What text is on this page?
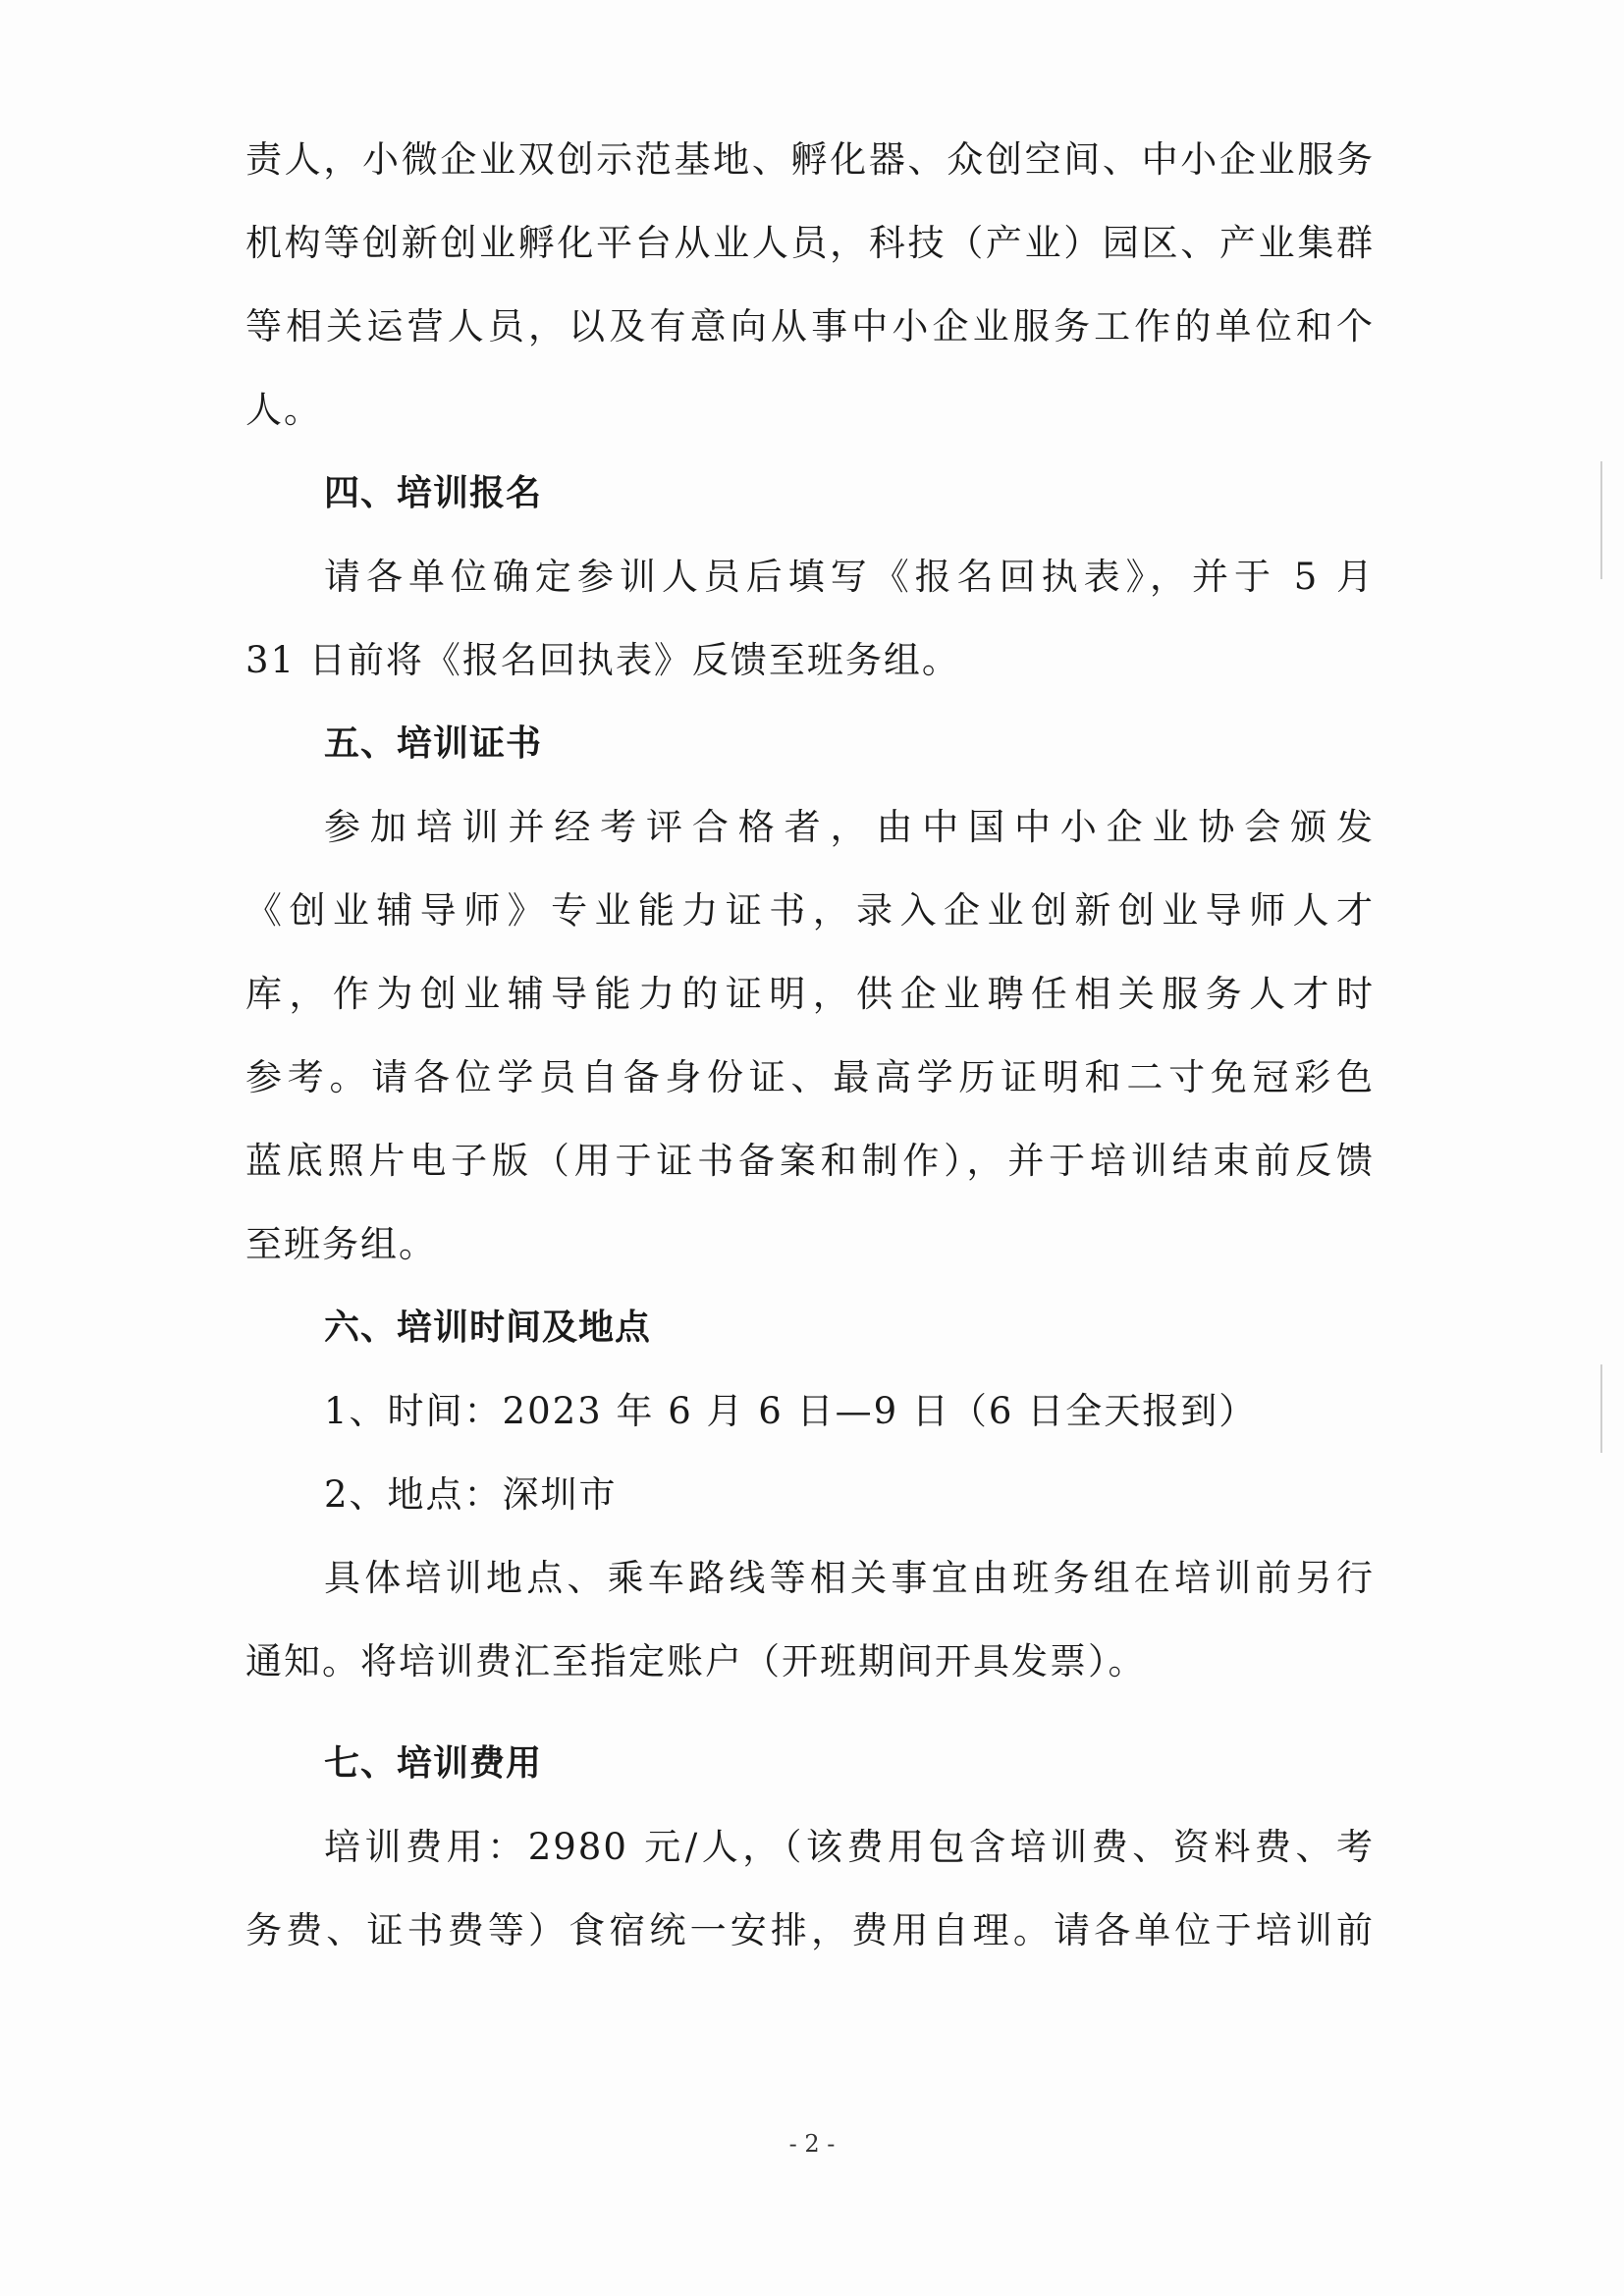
责人，小微企业双创示范基地、孵化器、众创空间、中小企业服务
机构等创新创业孵化平台从业人员，科技（产业）园区、产业集群
等相关运营人员，以及有意向从事中小企业服务工作的单位和个
人。
四、培训报名
请各单位确定参训人员后填写《报名回执表》，并于 5 月
31 日前将《报名回执表》反馈至班务组。
五、培训证书
参加培训并经考评合格者，由中国中小企业协会颁发
《创业辅导师》专业能力证书，录入企业创新创业导师人才
库，作为创业辅导能力的证明，供企业聘任相关服务人才时
参考。请各位学员自备身份证、最高学历证明和二寸免冠彩色
蓝底照片电子版（用于证书备案和制作），并于培训结束前反馈
至班务组。
六、培训时间及地点
1、时间：2023 年 6 月 6 日—9 日（6 日全天报到）
2、地点：深圳市
具体培训地点、乘车路线等相关事宜由班务组在培训前另行
通知。将培训费汇至指定账户（开班期间开具发票）。
七、培训费用
培训费用：2980 元/人，（该费用包含培训费、资料费、考
务费、证书费等）食宿统一安排，费用自理。请各单位于培训前
- 2 -
